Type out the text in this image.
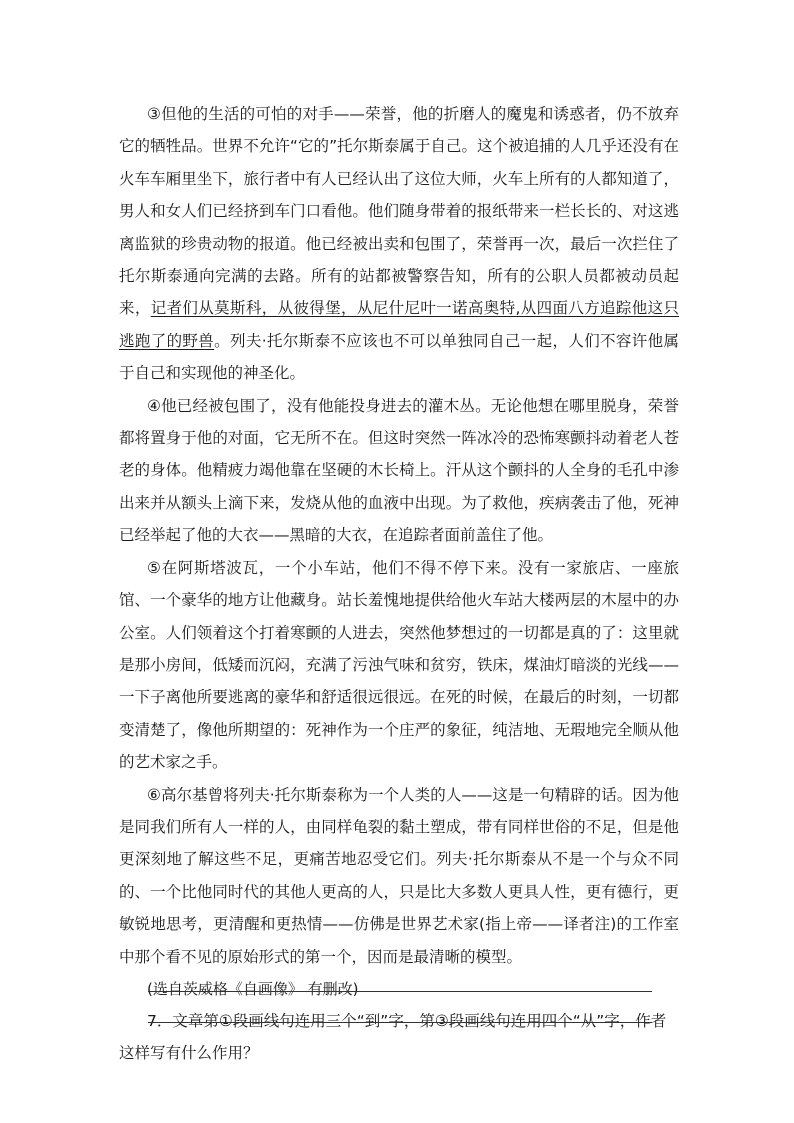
③但他的生活的可怕的对手——荣誉，他的折磨人的魔鬼和诱惑者，仍不放弃它的牺牲品。世界不允许“它的”托尔斯泰属于自己。这个被追捕的人几乎还没有在火车车厢里坐下，旅行者中有人已经认出了这位大师，火车上所有的人都知道了，男人和女人们已经挤到车门口看他。他们随身带着的报纸带来一栏长长的、对这逃离监狱的珍贵动物的报道。他已经被出卖和包围了，荣誉再一次，最后一次拦住了托尔斯泰通向完满的去路。所有的站都被警察告知，所有的公职人员都被动员起来，记者们从莫斯科，从彼得堡，从尼什尼叶一诺高奥特,从四面八方追踪他这只逃跑了的野兽。列夫·托尔斯泰不应该也不可以单独同自己一起，人们不容许他属于自己和实现他的神圣化。

④他已经被包围了，没有他能投身进去的灌木丛。无论他想在哪里脱身，荣誉都将置身于他的对面，它无所不在。但这时突然一阵冰冷的恐怖寒颤抖动着老人苍老的身体。他精疲力竭他靠在坚硬的木长椅上。汗从这个颤抖的人全身的毛孔中渗出来并从额头上滴下来，发烧从他的血液中出现。为了救他，疾病袭击了他，死神已经举起了他的大衣——黑暗的大衣，在追踪者面前盖住了他。

⑤在阿斯塔波瓦，一个小车站，他们不得不停下来。没有一家旅店、一座旅馆、一个豪华的地方让他藏身。站长羞愧地提供给他火车站大楼两层的木屋中的办公室。人们领着这个打着寒颤的人进去，突然他梦想过的一切都是真的了：这里就是那小房间，低矮而沉闷，充满了污浊气味和贫穷，铁床，煤油灯暗淡的光线——一下子离他所要逃离的豪华和舒适很远很远。在死的时候，在最后的时刻，一切都变清楚了，像他所期望的：死神作为一个庄严的象征，纯洁地、无瑕地完全顺从他的艺术家之手。

⑥高尔基曾将列夫·托尔斯泰称为一个人类的人——这是一句精辟的话。因为他是同我们所有人一样的人，由同样龟裂的黏土塑成，带有同样世俗的不足，但是他更深刻地了解这些不足，更痛苦地忍受它们。列夫·托尔斯泰从不是一个与众不同的、一个比他同时代的其他人更高的人，只是比大多数人更具人性，更有德行，更敏锐地思考，更清醒和更热情——仿佛是世界艺术家(指上帝——译者注)的工作室中那个看不见的原始形式的第一个，因而是最清晰的模型。

(选自茨威格《自画像》 有删改)

7．文章第①段画线句连用三个“到”字，第③段画线句连用四个“从”字，作者这样写有什么作用？
